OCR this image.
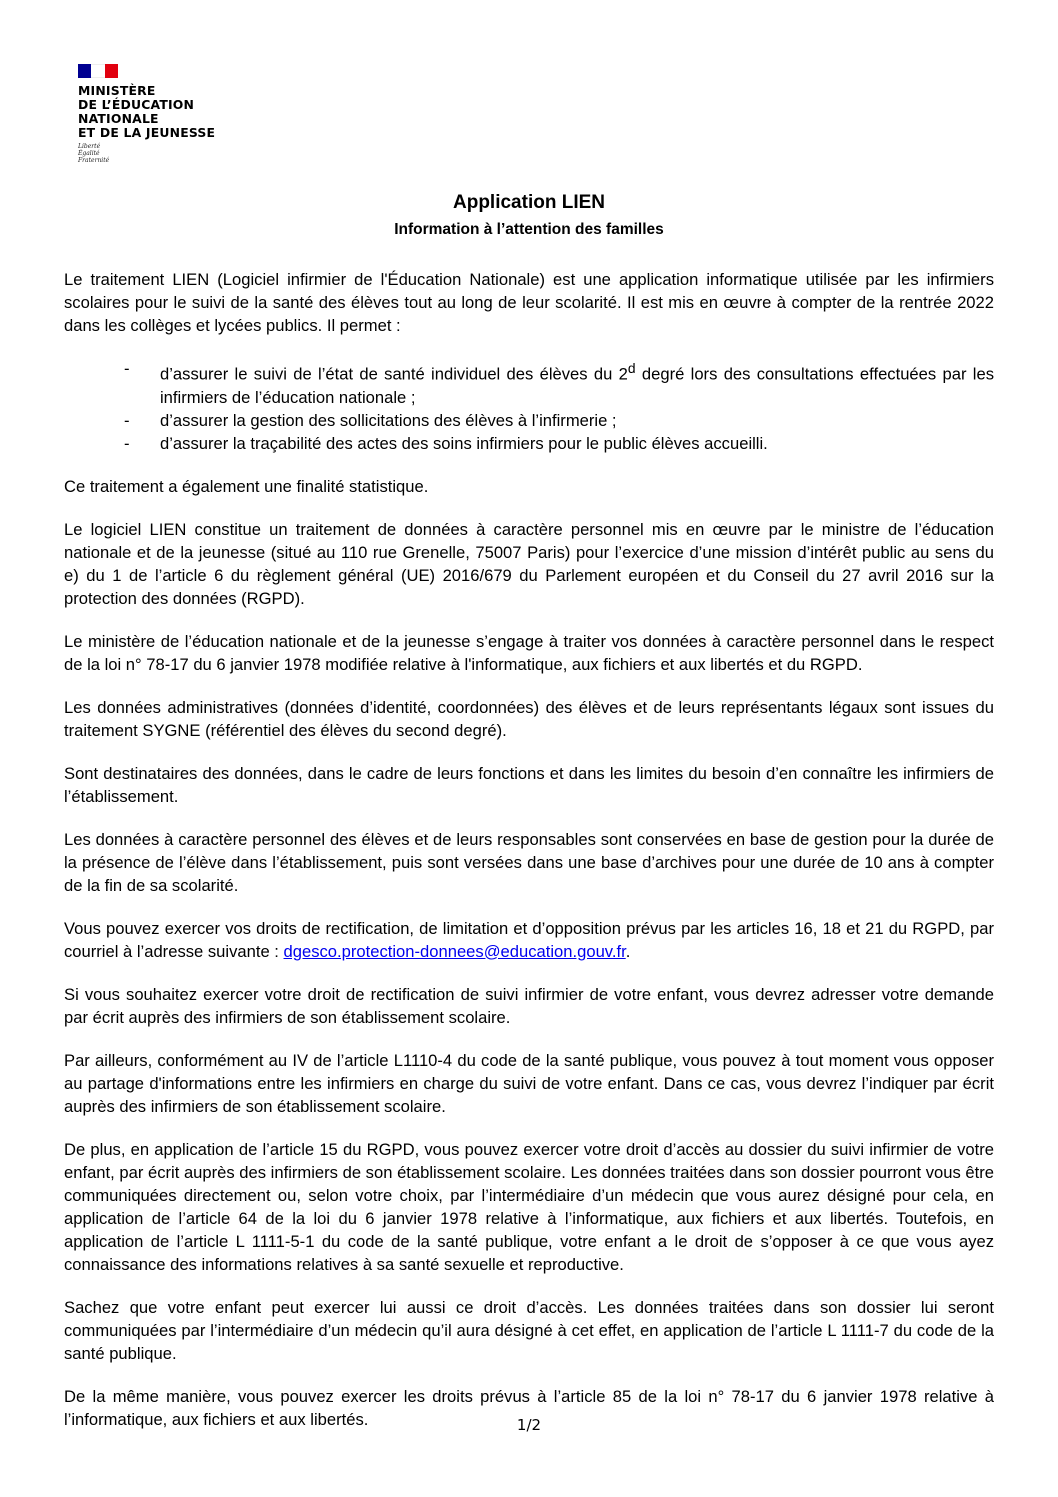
MINISTÈRE
DE L’ÉDUCATION
NATIONALE
ET DE LA JEUNESSE
Liberté
Égalité
Fraternité
Application LIEN
Information à l’attention des familles

Le traitement LIEN (Logiciel infirmier de l'Éducation Nationale) est une application informatique utilisée par les infirmiers scolaires pour le suivi de la santé des élèves tout au long de leur scolarité. Il est mis en œuvre à compter de la rentrée 2022 dans les collèges et lycées publics. Il permet :

- d’assurer le suivi de l’état de santé individuel des élèves du 2$^d$ degré lors des consultations effectuées par les infirmiers de l’éducation nationale ;
- d’assurer la gestion des sollicitations des élèves à l’infirmerie ;
- d’assurer la traçabilité des actes des soins infirmiers pour le public élèves accueilli.

Ce traitement a également une finalité statistique.

Le logiciel LIEN constitue un traitement de données à caractère personnel mis en œuvre par le ministre de l’éducation nationale et de la jeunesse (situé au 110 rue Grenelle, 75007 Paris) pour l’exercice d’une mission d’intérêt public au sens du e) du 1 de l’article 6 du règlement général (UE) 2016/679 du Parlement européen et du Conseil du 27 avril 2016 sur la protection des données (RGPD).

Le ministère de l’éducation nationale et de la jeunesse s’engage à traiter vos données à caractère personnel dans le respect de la loi n° 78-17 du 6 janvier 1978 modifiée relative à l'informatique, aux fichiers et aux libertés et du RGPD.

Les données administratives (données d’identité, coordonnées) des élèves et de leurs représentants légaux sont issues du traitement SYGNE (référentiel des élèves du second degré).

Sont destinataires des données, dans le cadre de leurs fonctions et dans les limites du besoin d’en connaître les infirmiers de l’établissement.

Les données à caractère personnel des élèves et de leurs responsables sont conservées en base de gestion pour la durée de la présence de l’élève dans l’établissement, puis sont versées dans une base d’archives pour une durée de 10 ans à compter de la fin de sa scolarité.

Vous pouvez exercer vos droits de rectification, de limitation et d’opposition prévus par les articles 16, 18 et 21 du RGPD, par courriel à l’adresse suivante : dgesco.protection-donnees@education.gouv.fr.

Si vous souhaitez exercer votre droit de rectification de suivi infirmier de votre enfant, vous devrez adresser votre demande par écrit auprès des infirmiers de son établissement scolaire.

Par ailleurs, conformément au IV de l’article L1110-4 du code de la santé publique, vous pouvez à tout moment vous opposer au partage d'informations entre les infirmiers en charge du suivi de votre enfant. Dans ce cas, vous devrez l’indiquer par écrit auprès des infirmiers de son établissement scolaire.

De plus, en application de l’article 15 du RGPD, vous pouvez exercer votre droit d’accès au dossier du suivi infirmier de votre enfant, par écrit auprès des infirmiers de son établissement scolaire. Les données traitées dans son dossier pourront vous être communiquées directement ou, selon votre choix, par l’intermédiaire d’un médecin que vous aurez désigné pour cela, en application de l’article 64 de la loi du 6 janvier 1978 relative à l’informatique, aux fichiers et aux libertés. Toutefois, en application de l’article L 1111-5-1 du code de la santé publique, votre enfant a le droit de s’opposer à ce que vous ayez connaissance des informations relatives à sa santé sexuelle et reproductive.

Sachez que votre enfant peut exercer lui aussi ce droit d’accès. Les données traitées dans son dossier lui seront communiquées par l’intermédiaire d’un médecin qu’il aura désigné à cet effet, en application de l’article L 1111-7 du code de la santé publique.

De la même manière, vous pouvez exercer les droits prévus à l’article 85 de la loi n° 78-17 du 6 janvier 1978 relative à l’informatique, aux fichiers et aux libertés.	1/2
